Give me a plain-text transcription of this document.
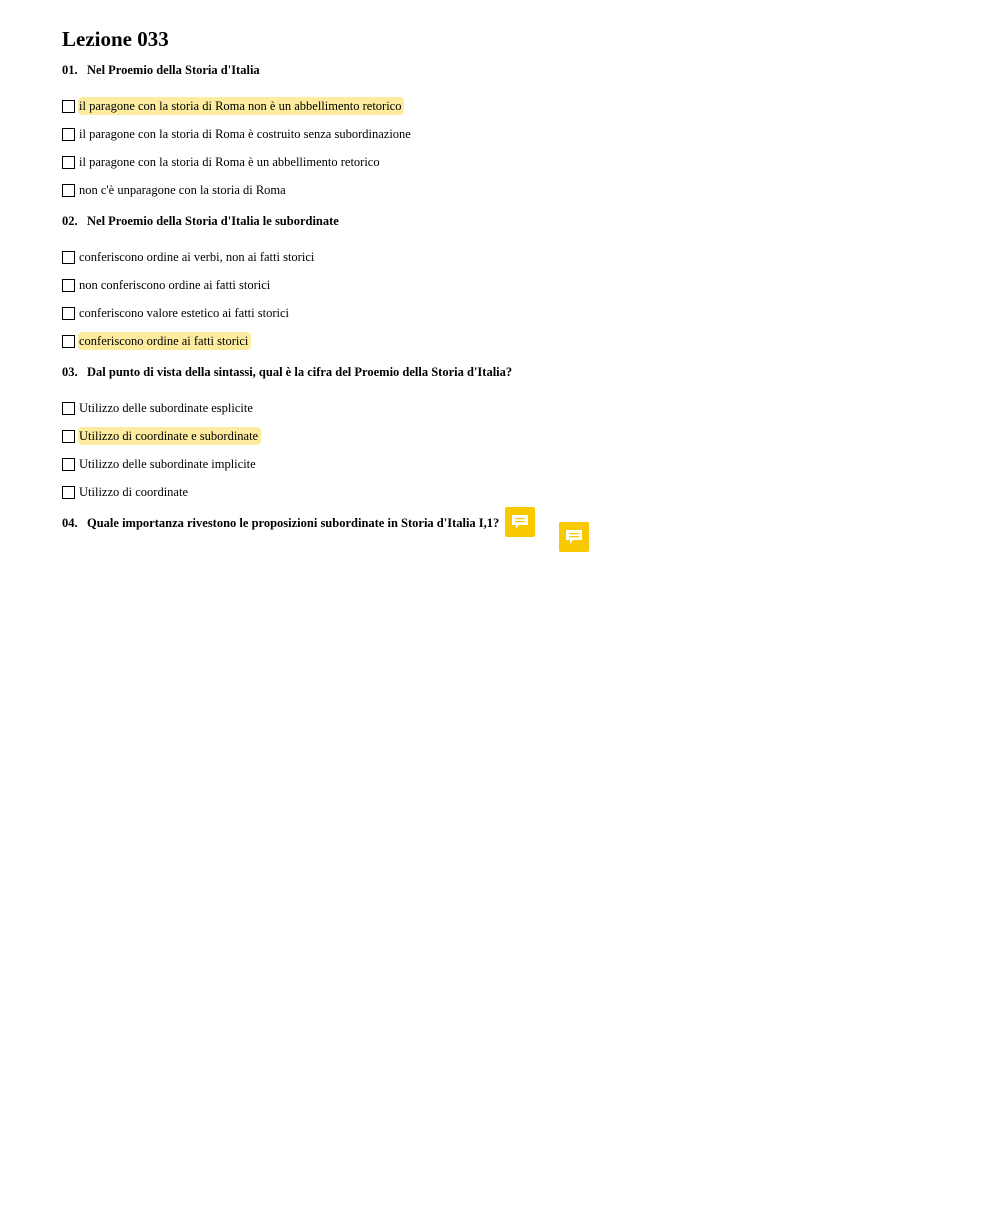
Lezione 033
01. Nel Proemio della Storia d'Italia
il paragone con la storia di Roma non è un abbellimento retorico
il paragone con la storia di Roma è costruito senza subordinazione
il paragone con la storia di Roma è un abbellimento retorico
non c'è unparagone con la storia di Roma
02. Nel Proemio della Storia d'Italia le subordinate
conferiscono ordine ai verbi, non ai fatti storici
non conferiscono ordine ai fatti storici
conferiscono valore estetico ai fatti storici
conferiscono ordine ai fatti storici
03. Dal punto di vista della sintassi, qual è la cifra del Proemio della Storia d'Italia?
Utilizzo delle subordinate esplicite
Utilizzo di coordinate e subordinate
Utilizzo delle subordinate implicite
Utilizzo di coordinate
04. Quale importanza rivestono le proposizioni subordinate in Storia d'Italia I,1?
